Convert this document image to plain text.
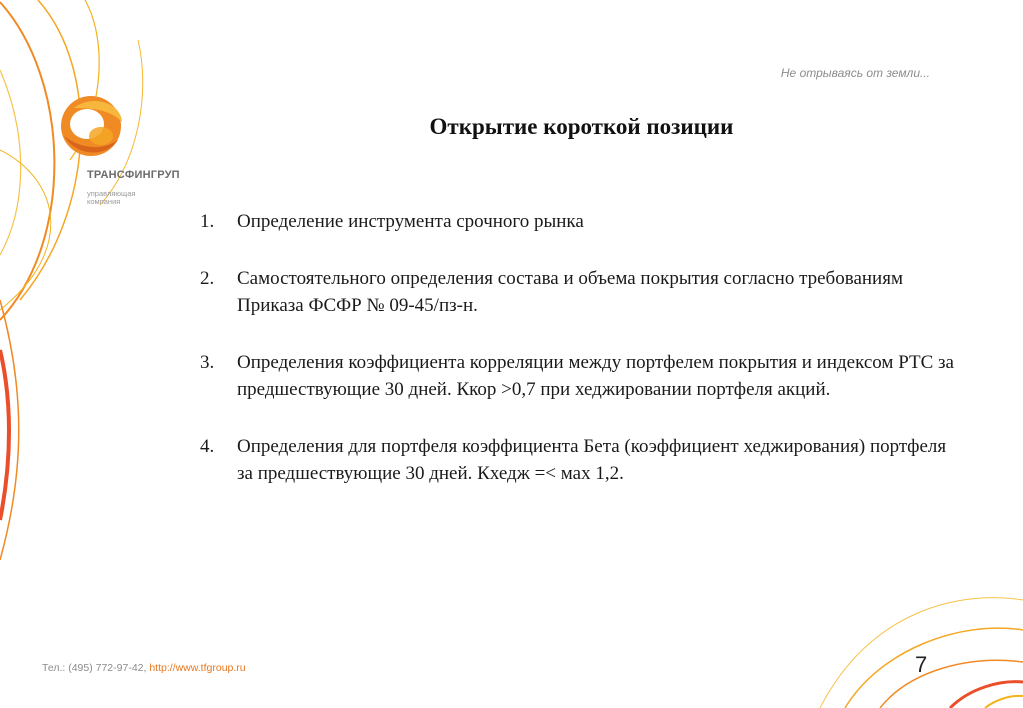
Не отрываясь от земли...
ТРАНСФИНГРУП
управляющая компания
Открытие короткой позиции
1. Определение инструмента срочного рынка
2. Самостоятельного определения состава и объема покрытия согласно требованиям Приказа ФСФР № 09-45/пз-н.
3. Определения коэффициента корреляции между портфелем покрытия и индексом РТС за предшествующие 30 дней. Ккор >0,7 при хеджировании портфеля акций.
4. Определения для портфеля коэффициента Бета (коэффициент хеджирования) портфеля за предшествующие 30 дней. Кхедж =< мах 1,2.
Тел.: (495) 772-97-42, http://www.tfgroup.ru	7
